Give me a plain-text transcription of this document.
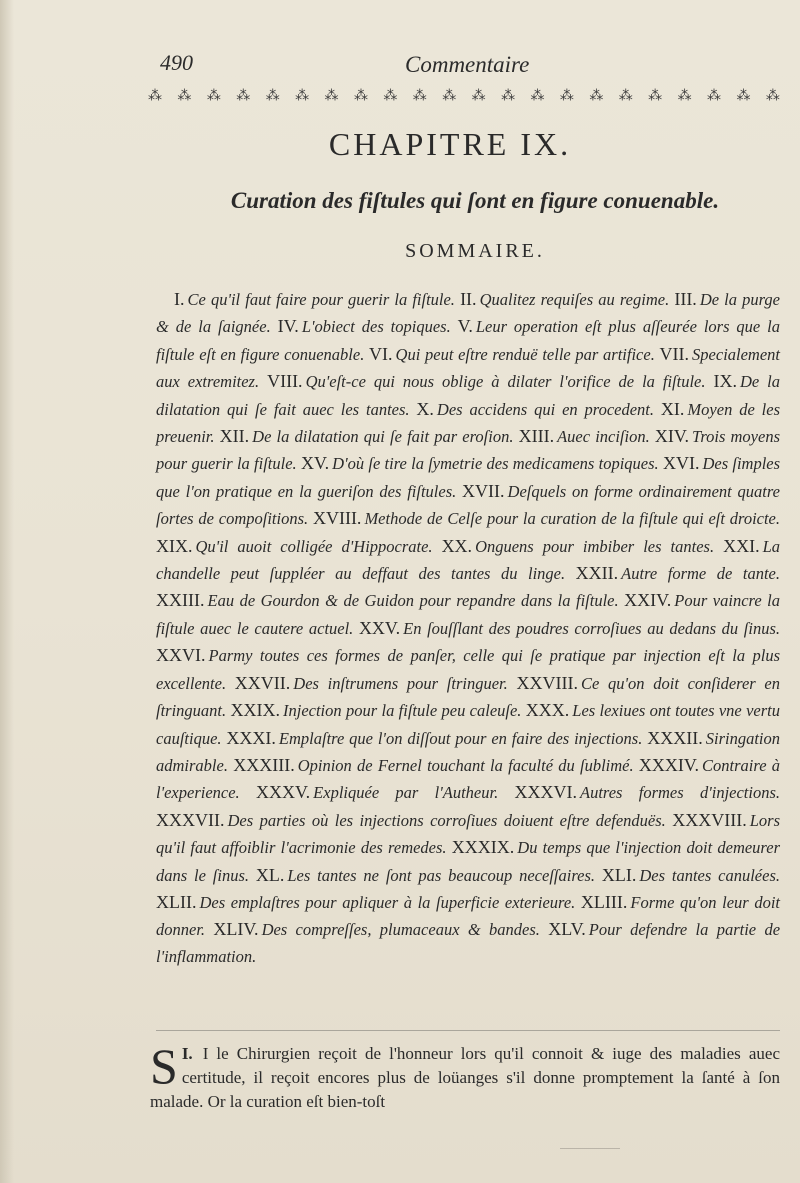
490	Commentaire
⁂ ⁂ ⁂ ⁂ ⁂ ⁂ ⁂ ⁂ ⁂ ⁂ ⁂ ⁂ ⁂ ⁂ ⁂ ⁂ ⁂ ⁂ ⁂ ⁂ ⁂ ⁂
CHAPITRE IX.
Curation des fiſtules qui ſont en figure conuenable.
SOMMAIRE.
I. Ce qu'il faut faire pour guerir la fiſtule. II. Qualitez requiſes au regime. III. De la purge & de la ſaignée. IV. L'obiect des topiques. V. Leur operation eſt plus aſſeurée lors que la fiſtule eſt en figure conuenable. VI. Qui peut eſtre renduë telle par artifice. VII. Specialement aux extremitez. VIII. Qu'eſt-ce qui nous oblige à dilater l'orifice de la fiſtule. IX. De la dilatation qui ſe fait auec les tantes. X. Des accidens qui en procedent. XI. Moyen de les preuenir. XII. De la dilatation qui ſe fait par eroſion. XIII. Auec inciſion. XIV. Trois moyens pour guerir la fiſtule. XV. D'où ſe tire la ſymetrie des medicamens topiques. XVI. Des ſimples que l'on pratique en la gueriſon des fiſtules. XVII. Deſquels on forme ordinairement quatre ſortes de compoſitions. XVIII. Methode de Celſe pour la curation de la fiſtule qui eſt droicte. XIX. Qu'il auoit colligée d'Hippocrate. XX. Onguens pour imbiber les tantes. XXI. La chandelle peut ſuppléer au deffaut des tantes du linge. XXII. Autre forme de tante. XXIII. Eau de Gourdon & de Guidon pour repandre dans la fiſtule. XXIV. Pour vaincre la fiſtule auec le cautere actuel. XXV. En ſouſſlant des poudres corroſiues au dedans du ſinus. XXVI. Parmy toutes ces formes de panſer, celle qui ſe pratique par injection eſt la plus excellente. XXVII. Des inſtrumens pour ſtringuer. XXVIII. Ce qu'on doit conſiderer en ſtringuant. XXIX. Injection pour la fiſtule peu caleuſe. XXX. Les lexiues ont toutes vne vertu cauſtique. XXXI. Emplaſtre que l'on diſſout pour en faire des injections. XXXII. Siringation admirable. XXXIII. Opinion de Fernel touchant la faculté du ſublimé. XXXIV. Contraire à l'experience. XXXV. Expliquée par l'Autheur. XXXVI. Autres formes d'injections. XXXVII. Des parties où les injections corroſiues doiuent eſtre defenduës. XXXVIII. Lors qu'il faut affoiblir l'acrimonie des remedes. XXXIX. Du temps que l'injection doit demeurer dans le ſinus. XL. Les tantes ne ſont pas beaucoup neceſſaires. XLI. Des tantes canulées. XLII. Des emplaſtres pour apliquer à la ſuperficie exterieure. XLIII. Forme qu'on leur doit donner. XLIV. Des compreſſes, plumaceaux & bandes. XLV. Pour defendre la partie de l'inflammation.
I.
S I le Chirurgien reçoit de l'honneur lors qu'il connoit & iuge des maladies auec certitude, il reçoit encores plus de loüanges s'il donne promptement la ſanté à ſon malade. Or la curation eſt bien-toſt
